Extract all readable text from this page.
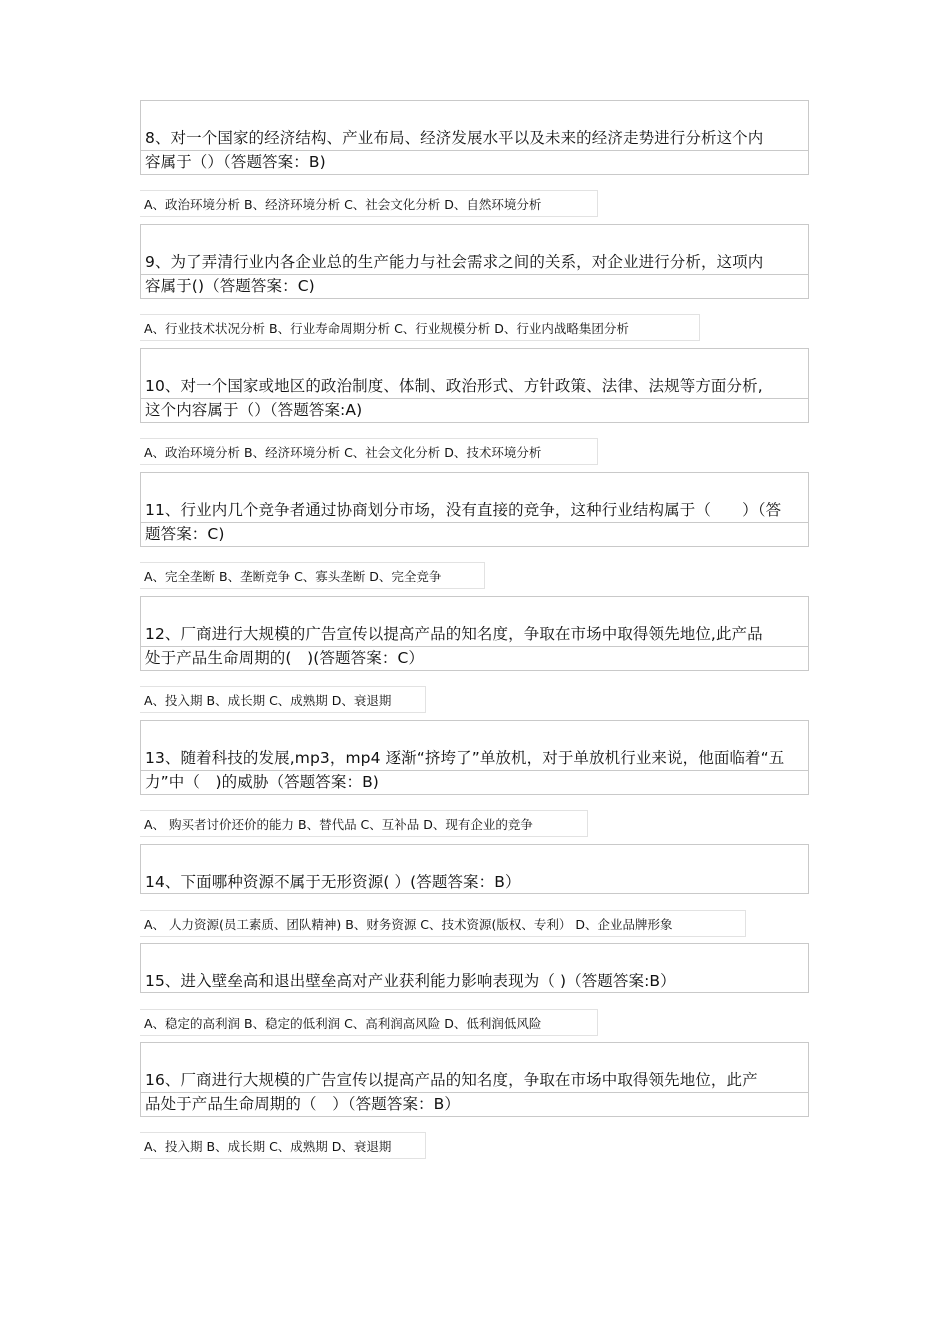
8、对一个国家的经济结构、产业布局、经济发展水平以及未来的经济走势进行分析这个内
容属于（）（答题答案：B)
A、政治环境分析 B、经济环境分析 C、社会文化分析 D、自然环境分析
9、为了弄清行业内各企业总的生产能力与社会需求之间的关系，对企业进行分析，这项内
容属于()（答题答案：C)
A、行业技术状况分析 B、行业寿命周期分析 C、行业规模分析 D、行业内战略集团分析
10、对一个国家或地区的政治制度、体制、政治形式、方针政策、法律、法规等方面分析,
这个内容属于（）（答题答案:A)
A、政治环境分析 B、经济环境分析 C、社会文化分析 D、技术环境分析
11、行业内几个竞争者通过协商划分市场，没有直接的竞争，这种行业结构属于（　　）（答
题答案：C)
A、完全垄断 B、垄断竞争 C、寡头垄断 D、完全竞争
12、厂商进行大规模的广告宣传以提高产品的知名度，争取在市场中取得领先地位,此产品
处于产品生命周期的(　)(答题答案：C）
A、投入期 B、成长期 C、成熟期 D、衰退期
13、随着科技的发展,mp3，mp4 逐渐“挤垮了”单放机，对于单放机行业来说，他面临着“五
力”中（　)的威胁（答题答案：B)
A、 购买者讨价还价的能力 B、替代品 C、互补品 D、现有企业的竞争
14、下面哪种资源不属于无形资源( ）(答题答案：B）
A、 人力资源(员工素质、团队精神) B、财务资源 C、技术资源(版权、专利） D、企业品牌形象
15、进入壁垒高和退出壁垒高对产业获利能力影响表现为（ )（答题答案:B）
A、稳定的高利润 B、稳定的低利润 C、高利润高风险 D、低利润低风险
16、厂商进行大规模的广告宣传以提高产品的知名度，争取在市场中取得领先地位，此产
品处于产品生命周期的（　）（答题答案：B）
A、投入期 B、成长期 C、成熟期 D、衰退期
